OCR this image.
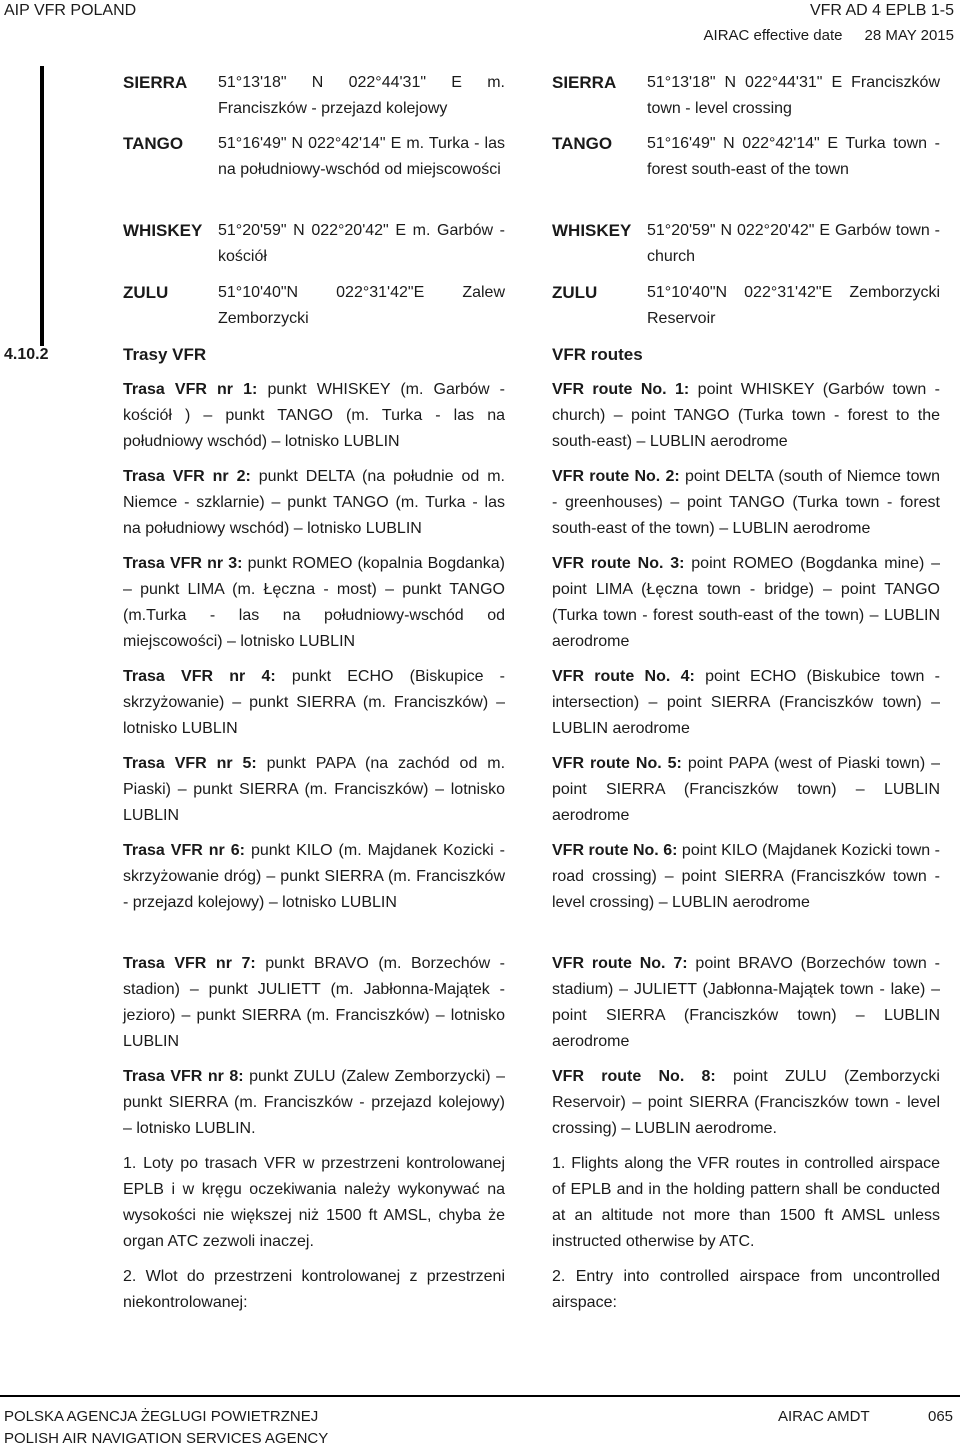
AIP VFR POLAND	VFR AD 4 EPLB 1-5
AIRAC effective date 28 MAY 2015
SIERRA 51°13'18" N 022°44'31" E m. Franciszków - przejazd kolejowy
TANGO 51°16'49" N 022°42'14" E m. Turka - las na południowy-wschód od miejscowości
WHISKEY 51°20'59" N 022°20'42" E m. Garbów - kościół
ZULU	51°10'40"N 022°31'42"E Zalew Zemborzycki
Trasa VFR nr 1: punkt WHISKEY (m. Garbów - kościół ) – punkt TANGO (m. Turka - las na południowy wschód) – lotnisko LUBLIN
Trasa VFR nr 2: punkt DELTA (na południe od m. Niemce - szklarnie) – punkt TANGO (m. Turka - las na południowy wschód) – lotnisko LUBLIN
Trasa VFR nr 3: punkt ROMEO (kopalnia Bogdanka) – punkt LIMA (m. Łęczna - most) – punkt TANGO (m.Turka - las na południowy-wschód od miejscowości) – lotnisko LUBLIN
Trasa VFR nr 4: punkt ECHO (Biskupice - skrzyżowanie) – punkt SIERRA (m. Franciszków) – lotnisko LUBLIN
Trasa VFR nr 5: punkt PAPA (na zachód od m. Piaski) – punkt SIERRA (m. Franciszków) – lotnisko LUBLIN
Trasa VFR nr 6: punkt KILO (m. Majdanek Kozicki - skrzyżowanie dróg) – punkt SIERRA (m. Franciszków - przejazd kolejowy) – lotnisko LUBLIN
Trasa VFR nr 7: punkt BRAVO (m. Borzechów - stadion) – punkt JULIETT (m. Jabłonna-Majątek - jezioro) – punkt SIERRA (m. Franciszków) – lotnisko LUBLIN
Trasa VFR nr 8: punkt ZULU (Zalew Zemborzycki) – punkt SIERRA (m. Franciszków - przejazd kolejowy) – lotnisko LUBLIN.
1. Loty po trasach VFR w przestrzeni kontrolowanej EPLB i w kręgu oczekiwania należy wykonywać na wysokości nie większej niż 1500 ft AMSL, chyba że organ ATC zezwoli inaczej.
2. Wlot do przestrzeni kontrolowanej z przestrzeni niekontrolowanej:
4.10.2	Trasy VFR	VFR routes
SIERRA 51°13'18" N 022°44'31" E Franciszków town - level crossing
TANGO 51°16'49" N 022°42'14" E Turka town - forest south-east of the town
WHISKEY 51°20'59" N 022°20'42" E Garbów town - church
ZULU	51°10'40"N 022°31'42"E Zemborzycki Reservoir
VFR route No. 1: point WHISKEY (Garbów town - church) – point TANGO (Turka town - forest to the south-east) – LUBLIN aerodrome
VFR route No. 2: point DELTA (south of Niemce town - greenhouses) – point TANGO (Turka town - forest south-east of the town) – LUBLIN aerodrome
VFR route No. 3: point ROMEO (Bogdanka mine) – point LIMA (Łęczna town - bridge) – point TANGO (Turka town - forest south-east of the town) – LUBLIN aerodrome
VFR route No. 4: point ECHO (Biskubice town - intersection) – point SIERRA (Franciszków town) – LUBLIN aerodrome
VFR route No. 5: point PAPA (west of Piaski town) – point SIERRA (Franciszków town) – LUBLIN aerodrome
VFR route No. 6: point KILO (Majdanek Kozicki town - road crossing) – point SIERRA (Franciszków town - level crossing) – LUBLIN aerodrome
VFR route No. 7: point BRAVO (Borzechów town - stadium) – JULIETT (Jabłonna-Majątek town - lake) – point SIERRA (Franciszków town) – LUBLIN aerodrome
VFR route No. 8: point ZULU (Zemborzycki Reservoir) – point SIERRA (Franciszków town - level crossing) – LUBLIN aerodrome.
1. Flights along the VFR routes in controlled airspace of EPLB and in the holding pattern shall be conducted at an altitude not more than 1500 ft AMSL unless instructed otherwise by ATC.
2. Entry into controlled airspace from uncontrolled airspace:
POLSKA AGENCJA ŻEGLUGI POWIETRZNEJ
POLISH AIR NAVIGATION SERVICES AGENCY
AIRAC AMDT	065
